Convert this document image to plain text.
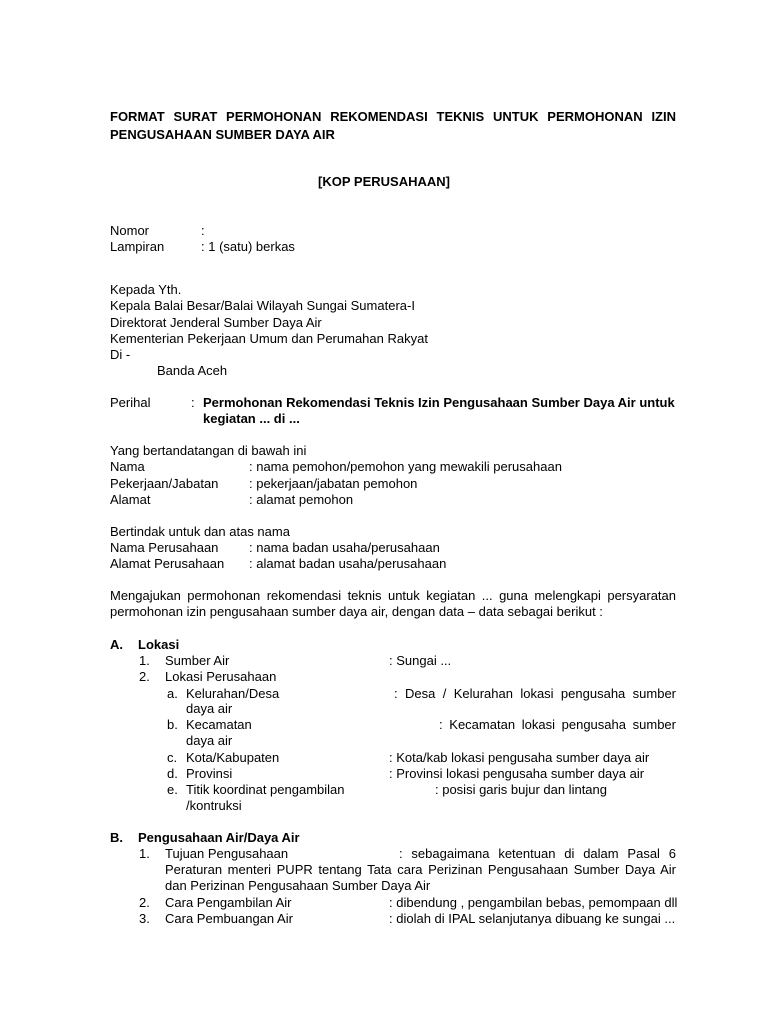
FORMAT SURAT PERMOHONAN REKOMENDASI TEKNIS UNTUK PERMOHONAN IZIN
PENGUSAHAAN SUMBER DAYA AIR
[KOP PERUSAHAAN]
Nomor	:
Lampiran	: 1 (satu) berkas
Kepada Yth.
Kepala Balai Besar/Balai Wilayah Sungai Sumatera-I
Direktorat Jenderal Sumber Daya Air
Kementerian Pekerjaan Umum dan Perumahan Rakyat
Di -
Banda Aceh
Perihal	: Permohonan Rekomendasi Teknis Izin Pengusahaan Sumber Daya Air untuk
kegiatan ... di ...
Yang bertandatangan di bawah ini
Nama	: nama pemohon/pemohon yang mewakili perusahaan
Pekerjaan/Jabatan : pekerjaan/jabatan pemohon
Alamat	: alamat pemohon
Bertindak untuk dan atas nama
Nama Perusahaan : nama badan usaha/perusahaan
Alamat Perusahaan : alamat badan usaha/perusahaan
Mengajukan permohonan rekomendasi teknis untuk kegiatan ... guna melengkapi persyaratan
permohonan izin pengusahaan sumber daya air, dengan data – data sebagai berikut :
A. Lokasi
1. Sumber Air	: Sungai ...
2. Lokasi Perusahaan
a. Kelurahan/Desa	: Desa / Kelurahan lokasi pengusaha sumber
daya air
b. Kecamatan	: Kecamatan lokasi pengusaha sumber
daya air
c. Kota/Kabupaten	: Kota/kab lokasi pengusaha sumber daya air
d. Provinsi	: Provinsi lokasi pengusaha sumber daya air
e. Titik koordinat pengambilan	: posisi garis bujur dan lintang
/kontruksi
B. Pengusahaan Air/Daya Air
1. Tujuan Pengusahaan	: sebagaimana ketentuan di dalam Pasal 6
Peraturan menteri PUPR tentang Tata cara Perizinan Pengusahaan Sumber Daya Air
dan Perizinan Pengusahaan Sumber Daya Air
2. Cara Pengambilan Air	: dibendung , pengambilan bebas, pemompaan dll
3. Cara Pembuangan Air	: diolah di IPAL selanjutanya dibuang ke sungai ...
